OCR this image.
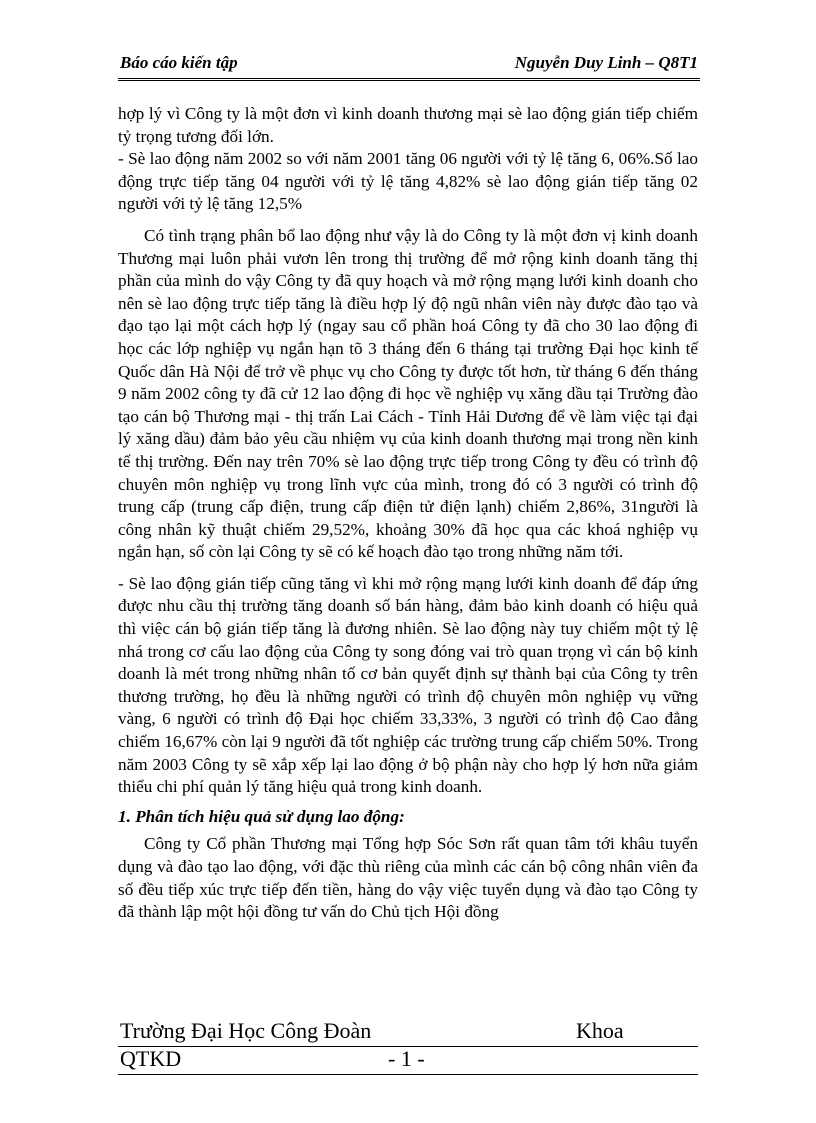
Báo cáo kiến tập	Nguyễn Duy Linh – Q8T1

hợp lý vì Công ty là một đơn vì kinh doanh thương mại sè lao động gián tiếp chiếm tỷ trọng tương đối lớn.

- Sè lao động năm 2002 so với năm 2001 tăng 06 người với tỷ lệ tăng 6, 06%.Số lao động trực tiếp tăng 04 người với tỷ lệ tăng 4,82% sè lao động gián tiếp tăng 02 người với tỷ lệ tăng 12,5%

Có tình trạng phân bổ lao động như vậy là do Công ty là một đơn vị kinh doanh Thương mại luôn phải vươn lên trong thị trường để mở rộng kinh doanh tăng thị phần của mình do vậy Công ty đã quy hoạch và mở rộng mạng lưới kinh doanh cho nên sè lao động trực tiếp tăng là điều hợp lý độ ngũ nhân viên này được đào tạo và đạo tạo lại một cách hợp lý (ngay sau cổ phần hoá Công ty đã cho 30 lao động đi học các lớp nghiệp vụ ngắn hạn tõ 3 tháng đến 6 tháng tại trường Đại học kinh tế Quốc dân Hà Nội để trở về phục vụ cho Công ty được tốt hơn, từ tháng 6 đến tháng 9 năm 2002 công ty đã cử 12 lao động đi học về nghiệp vụ xăng dầu tại Trường đào tạo cán bộ Thương mại - thị trấn Lai Cách - Tỉnh Hải Dương để về làm việc tại đại lý xăng dầu) đảm bảo yêu cầu nhiệm vụ của kinh doanh thương mại trong nền kinh tế thị trường. Đến nay trên 70% sè lao động trực tiếp trong Công ty đều có trình độ chuyên môn nghiệp vụ trong lĩnh vực của mình, trong đó có 3 người có trình độ trung cấp (trung cấp điện, trung cấp điện tử điện lạnh) chiếm 2,86%, 31người là công nhân kỹ thuật chiếm 29,52%, khoảng 30% đã học qua các khoá nghiệp vụ ngắn hạn, số còn lại Công ty sẽ có kế hoạch đào tạo trong những năm tới.

- Sè lao động gián tiếp cũng tăng vì khi mở rộng mạng lưới kinh doanh để đáp ứng được nhu cầu thị trường tăng doanh số bán hàng, đảm bảo kinh doanh có hiệu quả thì việc cán bộ gián tiếp tăng là đương nhiên. Sè lao động này tuy chiếm một tỷ lệ nhá trong cơ cấu lao động của Công ty song đóng vai trò quan trọng vì cán bộ kinh doanh là mét trong những nhân tố cơ bản quyết định sự thành bại của Công ty trên thương trường, họ đều là những người có trình độ chuyên môn nghiệp vụ vững vàng, 6 người có trình độ Đại học chiếm 33,33%, 3 người có trình độ Cao đẳng chiếm 16,67% còn lại 9 người đã tốt nghiệp các trường trung cấp chiếm 50%. Trong năm 2003 Công ty sẽ xắp xếp lại lao động ở bộ phận này cho hợp lý hơn nữa giảm thiểu chi phí quản lý tăng hiệu quả trong kinh doanh.

1. Phân tích hiệu quả sử dụng lao động:

Công ty Cổ phần Thương mại Tổng hợp Sóc Sơn rất quan tâm tới khâu tuyển dụng và đào tạo lao động, với đặc thù riêng của mình các cán bộ công nhân viên đa số đều tiếp xúc trực tiếp đến tiền, hàng do vậy việc tuyển dụng và đào tạo Công ty đã thành lập một hội đồng tư vấn do Chủ tịch Hội đồng

Trường Đại Học Công Đoàn	Khoa
QTKD	- 1 -
